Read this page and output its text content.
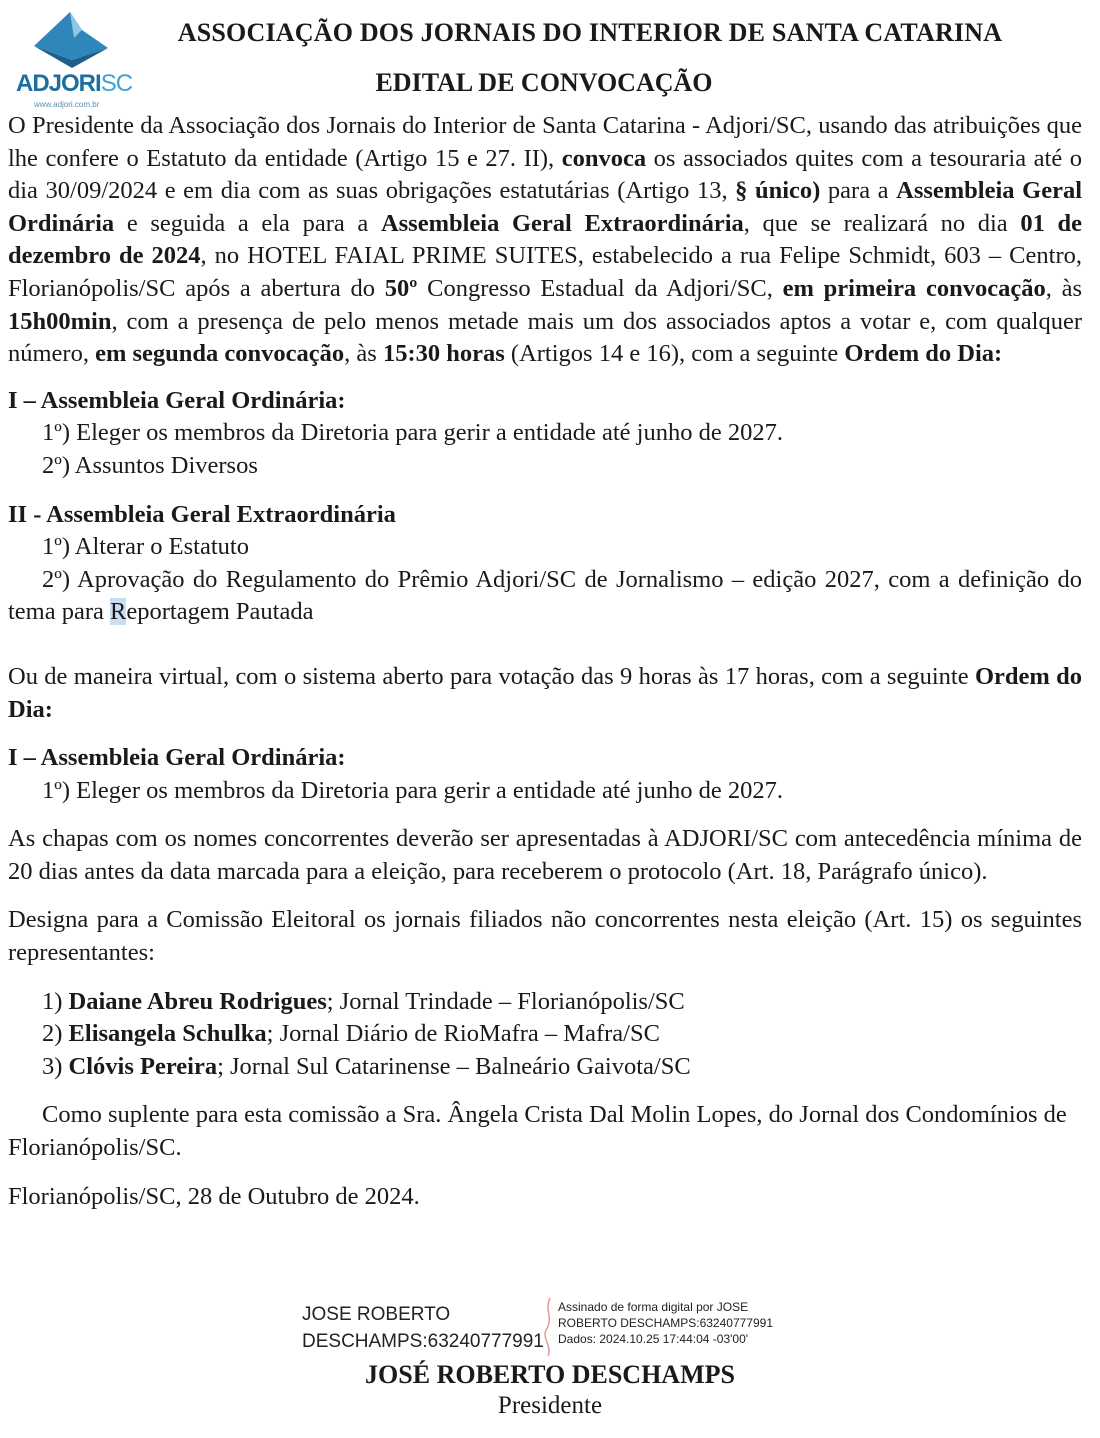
ADJORISC
www.adjori.com.br
ASSOCIAÇÃO DOS JORNAIS DO INTERIOR DE SANTA CATARINA
EDITAL DE CONVOCAÇÃO

O Presidente da Associação dos Jornais do Interior de Santa Catarina - Adjori/SC, usando das atribuições que lhe confere o Estatuto da entidade (Artigo 15 e 27. II), convoca os associados quites com a tesouraria até o dia 30/09/2024 e em dia com as suas obrigações estatutárias (Artigo 13, § único) para a Assembleia Geral Ordinária e seguida a ela para a Assembleia Geral Extraordinária, que se realizará no dia 01 de dezembro de 2024, no HOTEL FAIAL PRIME SUITES, estabelecido a rua Felipe Schmidt, 603 – Centro, Florianópolis/SC após a abertura do 50º Congresso Estadual da Adjori/SC, em primeira convocação, às 15h00min, com a presença de pelo menos metade mais um dos associados aptos a votar e, com qualquer número, em segunda convocação, às 15:30 horas (Artigos 14 e 16), com a seguinte Ordem do Dia:

I – Assembleia Geral Ordinária:

1º) Eleger os membros da Diretoria para gerir a entidade até junho de 2027.

2º) Assuntos Diversos

II - Assembleia Geral Extraordinária

1º) Alterar o Estatuto

2º) Aprovação do Regulamento do Prêmio Adjori/SC de Jornalismo – edição 2027, com a definição do tema para Reportagem Pautada

Ou de maneira virtual, com o sistema aberto para votação das 9 horas às 17 horas, com a seguinte Ordem do Dia:

I – Assembleia Geral Ordinária:

1º) Eleger os membros da Diretoria para gerir a entidade até junho de 2027.

As chapas com os nomes concorrentes deverão ser apresentadas à ADJORI/SC com antecedência mínima de 20 dias antes da data marcada para a eleição, para receberem o protocolo (Art. 18, Parágrafo único).

Designa para a Comissão Eleitoral os jornais filiados não concorrentes nesta eleição (Art. 15) os seguintes representantes:

1) Daiane Abreu Rodrigues; Jornal Trindade – Florianópolis/SC

2) Elisangela Schulka; Jornal Diário de RioMafra – Mafra/SC

3) Clóvis Pereira; Jornal Sul Catarinense – Balneário Gaivota/SC

Como suplente para esta comissão a Sra. Ângela Crista Dal Molin Lopes, do Jornal dos Condomínios de Florianópolis/SC.

Florianópolis/SC, 28 de Outubro de 2024.

JOSE ROBERTO
DESCHAMPS:63240777991
Assinado de forma digital por JOSE
ROBERTO DESCHAMPS:63240777991
Dados: 2024.10.25 17:44:04 -03'00'
JOSÉ ROBERTO DESCHAMPS
Presidente
